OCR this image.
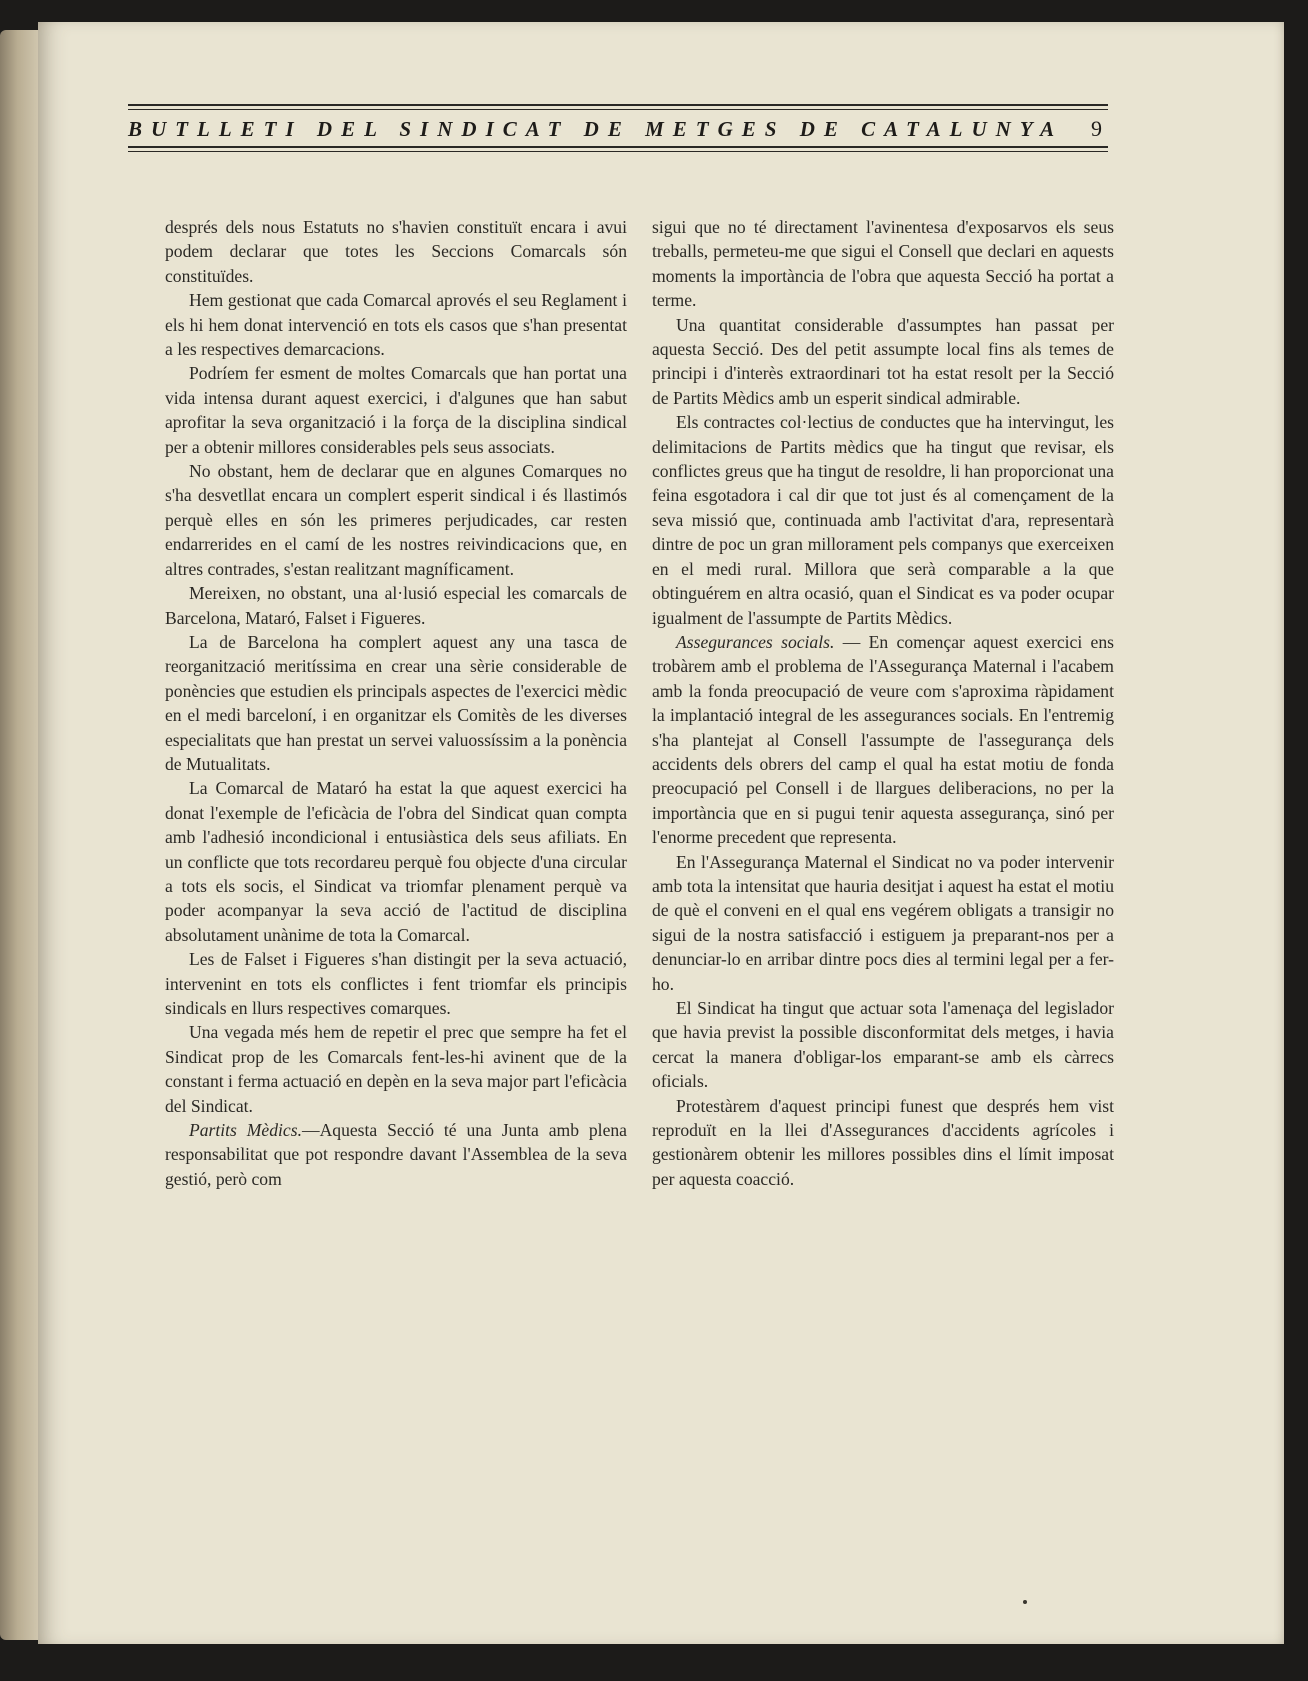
BUTLLETI DEL SINDICAT DE METGES DE CATALUNYA 9

després dels nous Estatuts no s'havien constituït encara i avui podem declarar que totes les Seccions Comarcals són constituïdes.

Hem gestionat que cada Comarcal aprovés el seu Reglament i els hi hem donat intervenció en tots els casos que s'han presentat a les respectives demarcacions.

Podríem fer esment de moltes Comarcals que han portat una vida intensa durant aquest exercici, i d'algunes que han sabut aprofitar la seva organització i la força de la disciplina sindical per a obtenir millores considerables pels seus associats.

No obstant, hem de declarar que en algunes Comarques no s'ha desvetllat encara un complert esperit sindical i és llastimós perquè elles en són les primeres perjudicades, car resten endarrerides en el camí de les nostres reivindicacions que, en altres contrades, s'estan realitzant magníficament.

Mereixen, no obstant, una al·lusió especial les comarcals de Barcelona, Mataró, Falset i Figueres.

La de Barcelona ha complert aquest any una tasca de reorganització meritíssima en crear una sèrie considerable de ponències que estudien els principals aspectes de l'exercici mèdic en el medi barceloní, i en organitzar els Comitès de les diverses especialitats que han prestat un servei valuossíssim a la ponència de Mutualitats.

La Comarcal de Mataró ha estat la que aquest exercici ha donat l'exemple de l'eficàcia de l'obra del Sindicat quan compta amb l'adhesió incondicional i entusiàstica dels seus afiliats. En un conflicte que tots recordareu perquè fou objecte d'una circular a tots els socis, el Sindicat va triomfar plenament perquè va poder acompanyar la seva acció de l'actitud de disciplina absolutament unànime de tota la Comarcal.

Les de Falset i Figueres s'han distingit per la seva actuació, intervenint en tots els conflictes i fent triomfar els principis sindicals en llurs respectives comarques.

Una vegada més hem de repetir el prec que sempre ha fet el Sindicat prop de les Comarcals fent-les-hi avinent que de la constant i ferma actuació en depèn en la seva major part l'eficàcia del Sindicat.

Partits Mèdics.—Aquesta Secció té una Junta amb plena responsabilitat que pot respondre davant l'Assemblea de la seva gestió, però com

sigui que no té directament l'avinentesa d'exposarvos els seus treballs, permeteu-me que sigui el Consell que declari en aquests moments la importància de l'obra que aquesta Secció ha portat a terme.

Una quantitat considerable d'assumptes han passat per aquesta Secció. Des del petit assumpte local fins als temes de principi i d'interès extraordinari tot ha estat resolt per la Secció de Partits Mèdics amb un esperit sindical admirable.

Els contractes col·lectius de conductes que ha intervingut, les delimitacions de Partits mèdics que ha tingut que revisar, els conflictes greus que ha tingut de resoldre, li han proporcionat una feina esgotadora i cal dir que tot just és al començament de la seva missió que, continuada amb l'activitat d'ara, representarà dintre de poc un gran millorament pels companys que exerceixen en el medi rural. Millora que serà comparable a la que obtinguérem en altra ocasió, quan el Sindicat es va poder ocupar igualment de l'assumpte de Partits Mèdics.

Assegurances socials. — En començar aquest exercici ens trobàrem amb el problema de l'Assegurança Maternal i l'acabem amb la fonda preocupació de veure com s'aproxima ràpidament la implantació integral de les assegurances socials. En l'entremig s'ha plantejat al Consell l'assumpte de l'assegurança dels accidents dels obrers del camp el qual ha estat motiu de fonda preocupació pel Consell i de llargues deliberacions, no per la importància que en si pugui tenir aquesta assegurança, sinó per l'enorme precedent que representa.

En l'Assegurança Maternal el Sindicat no va poder intervenir amb tota la intensitat que hauria desitjat i aquest ha estat el motiu de què el conveni en el qual ens vegérem obligats a transigir no sigui de la nostra satisfacció i estiguem ja preparant-nos per a denunciar-lo en arribar dintre pocs dies al termini legal per a fer-ho.

El Sindicat ha tingut que actuar sota l'amenaça del legislador que havia previst la possible disconformitat dels metges, i havia cercat la manera d'obligar-los emparant-se amb els càrrecs oficials.

Protestàrem d'aquest principi funest que després hem vist reproduït en la llei d'Assegurances d'accidents agrícoles i gestionàrem obtenir les millores possibles dins el límit imposat per aquesta coacció.
